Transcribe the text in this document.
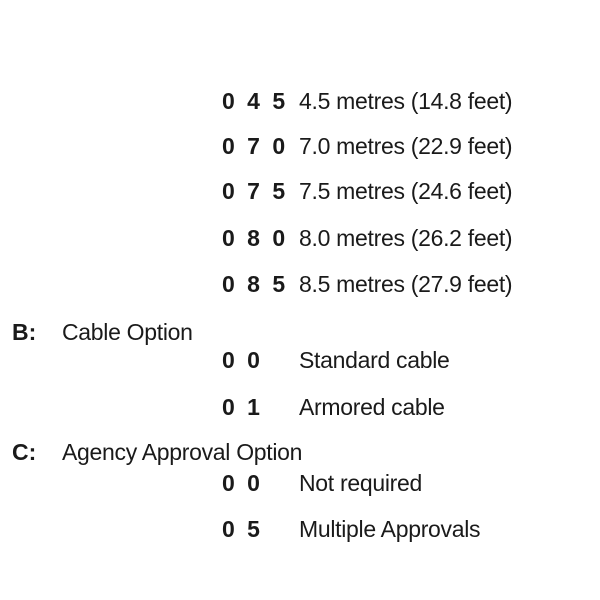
0 4 5 4.5 metres (14.8 feet)
0 7 0 7.0 metres (22.9 feet)
0 7 5 7.5 metres (24.6 feet)
0 8 0 8.0 metres (26.2 feet)
0 8 5 8.5 metres (27.9 feet)
B: Cable Option
0 0 Standard cable
0 1 Armored cable
C: Agency Approval Option
0 0 Not required
0 5 Multiple Approvals
